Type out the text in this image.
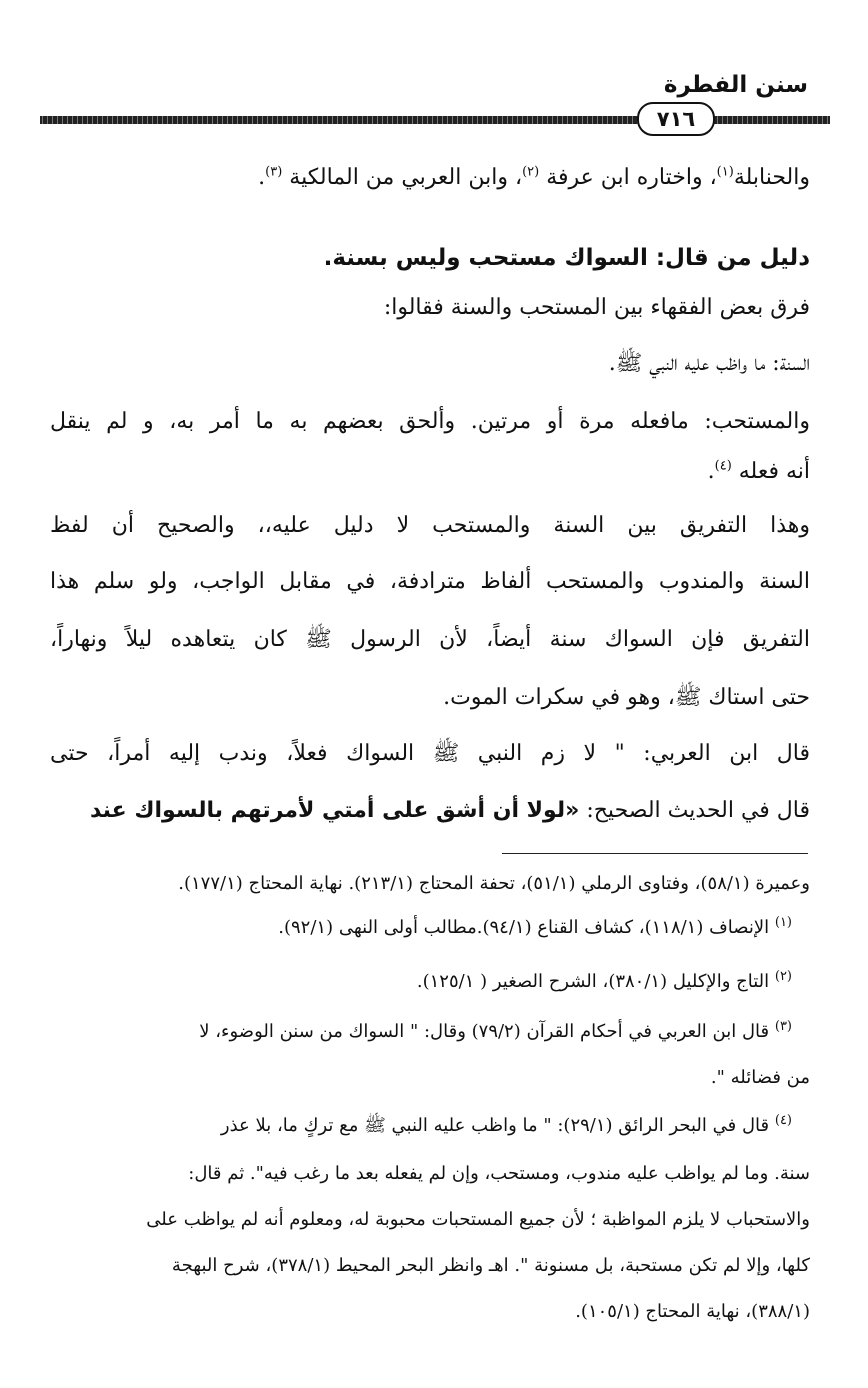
سنن الفطرة
٧١٦
والحنابلة$^{(١)}$، واختاره ابن عرفة $^{(٢)}$، وابن العربي من المالكية $^{(٣)}$.
دليل من قال: السواك مستحب وليس بسنة.
فرق بعض الفقهاء بين المستحب والسنة فقالوا:
السنة: ما واظب عليه النبي ﷺ.
والمستحب: مافعله مرة أو مرتين. وألحق بعضهم به ما أمر به، و لم ينقل
أنه فعله $^{(٤)}$.
وهذا التفريق بين السنة والمستحب لا دليل عليه،، والصحيح أن لفظ
السنة والمندوب والمستحب ألفاظ مترادفة، في مقابل الواجب، ولو سلم هذا
التفريق فإن السواك سنة أيضاً، لأن الرسول ﷺ كان يتعاهده ليلاً ونهاراً،
حتى استاك ﷺ، وهو في سكرات الموت.
قال ابن العربي: " لا زم النبي ﷺ السواك فعلاً، وندب إليه أمراً، حتى
قال في الحديث الصحيح: «لولا أن أشق على أمتي لأمرتهم بالسواك عند
وعميرة (٥٨/١)، وفتاوى الرملي (٥١/١)، تحفة المحتاج (٢١٣/١). نهاية المحتاج (١٧٧/١).
$^{(١)}$ الإنصاف (١١٨/١)، كشاف القناع (٩٤/١).مطالب أولى النهى (٩٢/١).
$^{(٢)}$ التاج والإكليل (٣٨٠/١)، الشرح الصغير ( ١٢٥/١).
$^{(٣)}$ قال ابن العربي في أحكام القرآن (٧٩/٢) وقال: " السواك من سنن الوضوء، لا
من فضائله ".
$^{(٤)}$ قال في البحر الرائق (٢٩/١): " ما واظب عليه النبي ﷺ مع تركٍ ما، بلا عذر
سنة. وما لم يواظب عليه مندوب، ومستحب، وإن لم يفعله بعد ما رغب فيه". ثم قال:
والاستحباب لا يلزم المواظبة ؛ لأن جميع المستحبات محبوبة له، ومعلوم أنه لم يواظب على
كلها، وإلا لم تكن مستحبة، بل مسنونة ". اهـ وانظر البحر المحيط (٣٧٨/١)، شرح البهجة
(٣٨٨/١)، نهاية المحتاج (١٠٥/١).
